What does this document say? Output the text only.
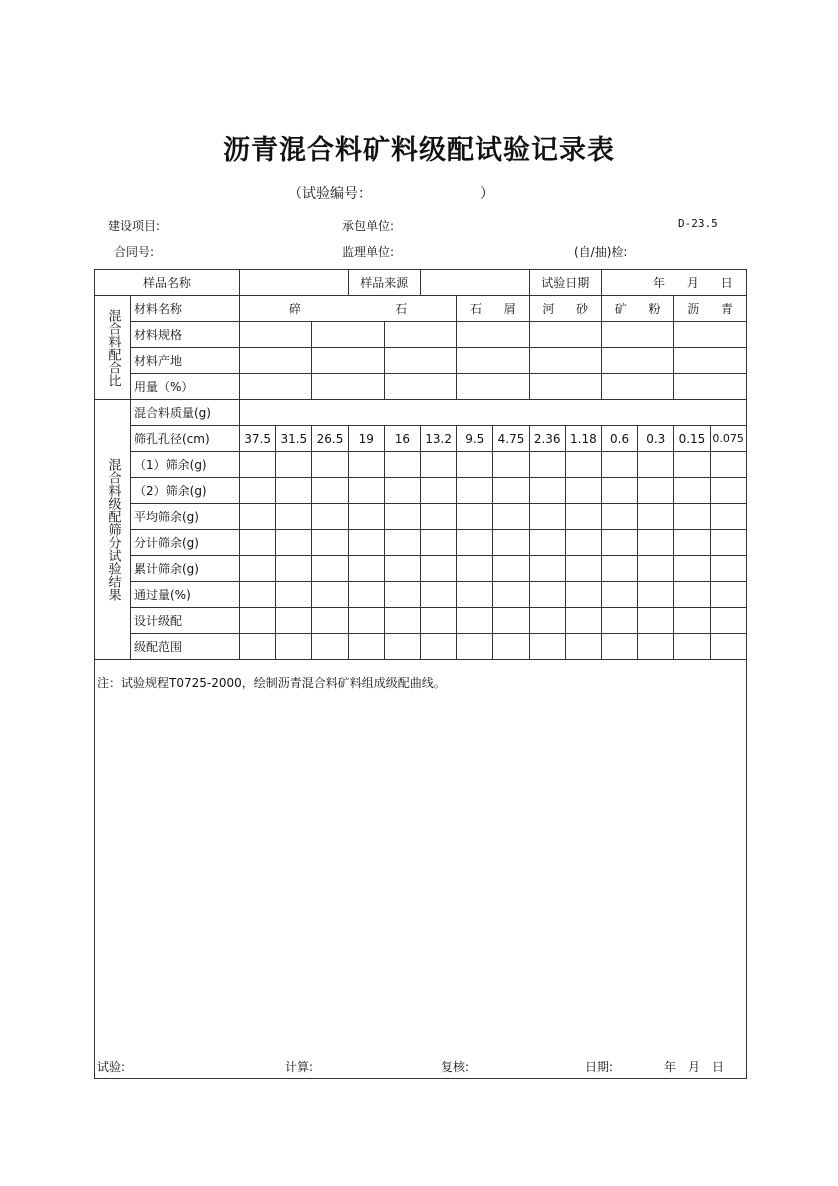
沥青混合料矿料级配试验记录表
（试验编号：	）
建设项目:	承包单位:	D-23.5
合同号:	监理单位:	(自/抽)检:
样品名称					样品来源					试验日期		年 月 日			

混合料配合比	材料名称	碎 石						石 屑		河 砂		矿 粉		沥 青	

	材料规格														
	材料产地														
	用量（%）														
混合料级配筛分试验结果	混合料质量(g)														
	筛孔孔径(cm)	37.5	31.5	26.5	19	16	13.2	9.5	4.75	2.36	1.18	0.6	0.3	0.15	0.075
	（1）筛余(g)														
	（2）筛余(g)														
	平均筛余(g)														
	分计筛余(g)														
	累计筛余(g)														
	通过量(%)														
	设计级配														
	级配范围														
注：试验规程T0725-2000，绘制沥青混合料矿料组成级配曲线。															
试验:	计算:	复核:	日期:	年　月　日
